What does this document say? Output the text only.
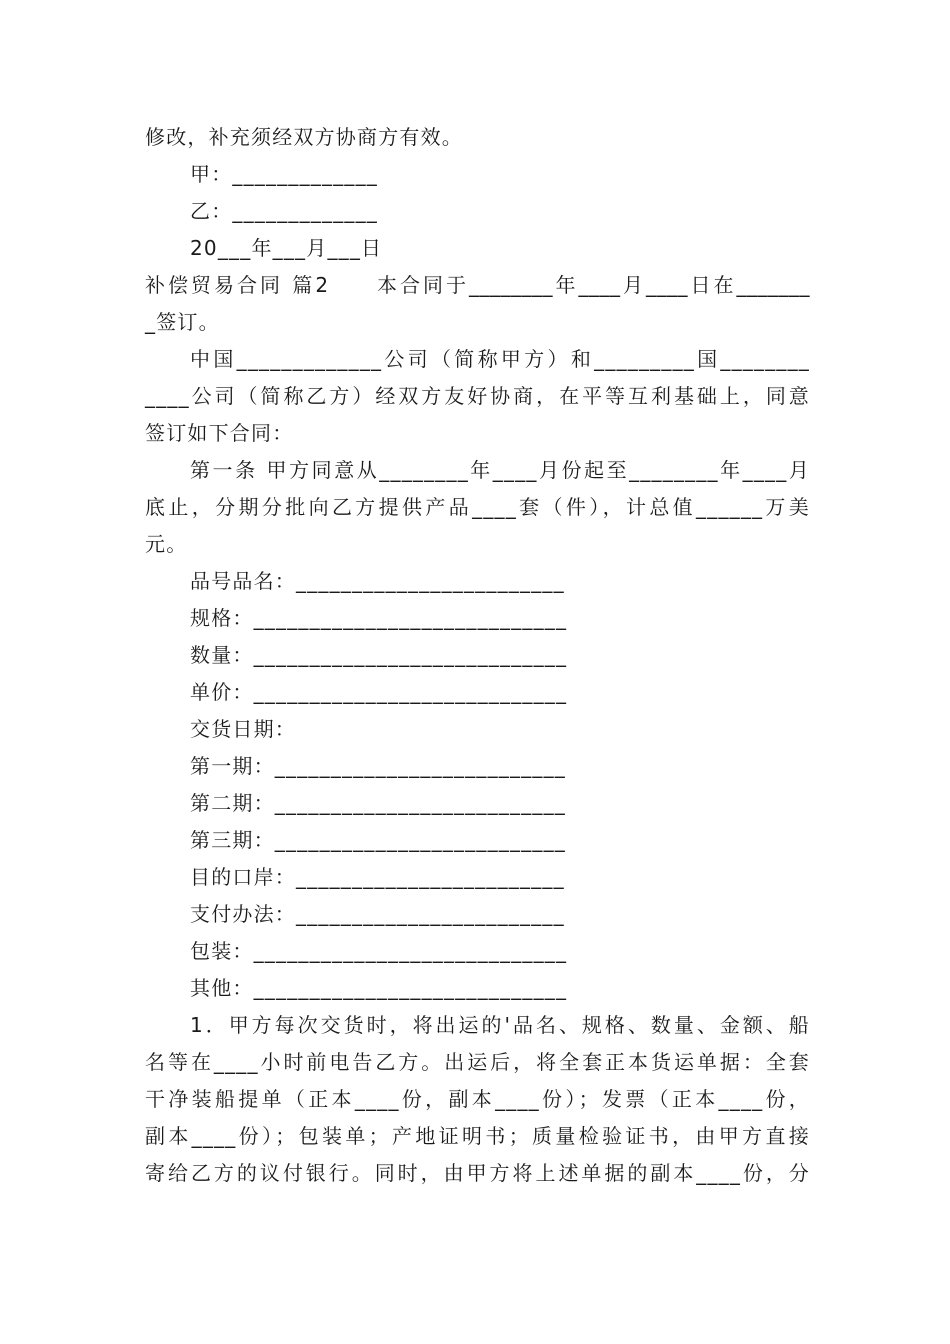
修改，补充须经双方协商方有效。
甲：_____________
乙：_____________
20___年___月___日
补偿贸易合同 篇2　　本合同于________年____月____日在_______
_签订。
中国_____________公司（简称甲方）和_________国________
____公司（简称乙方）经双方友好协商，在平等互利基础上，同意
签订如下合同：
第一条 甲方同意从________年____月份起至________年____月
底止，分期分批向乙方提供产品____套（件），计总值______万美
元。
品号品名：________________________
规格：____________________________
数量：____________________________
单价：____________________________
交货日期：
第一期：__________________________
第二期：__________________________
第三期：__________________________
目的口岸：________________________
支付办法：________________________
包装：____________________________
其他：____________________________
1．甲方每次交货时，将出运的'品名、规格、数量、金额、船
名等在____小时前电告乙方。出运后，将全套正本货运单据：全套
干净装船提单（正本____份，副本____份）；发票（正本____份，
副本____份）；包装单；产地证明书；质量检验证书，由甲方直接
寄给乙方的议付银行。同时，由甲方将上述单据的副本____份，分
